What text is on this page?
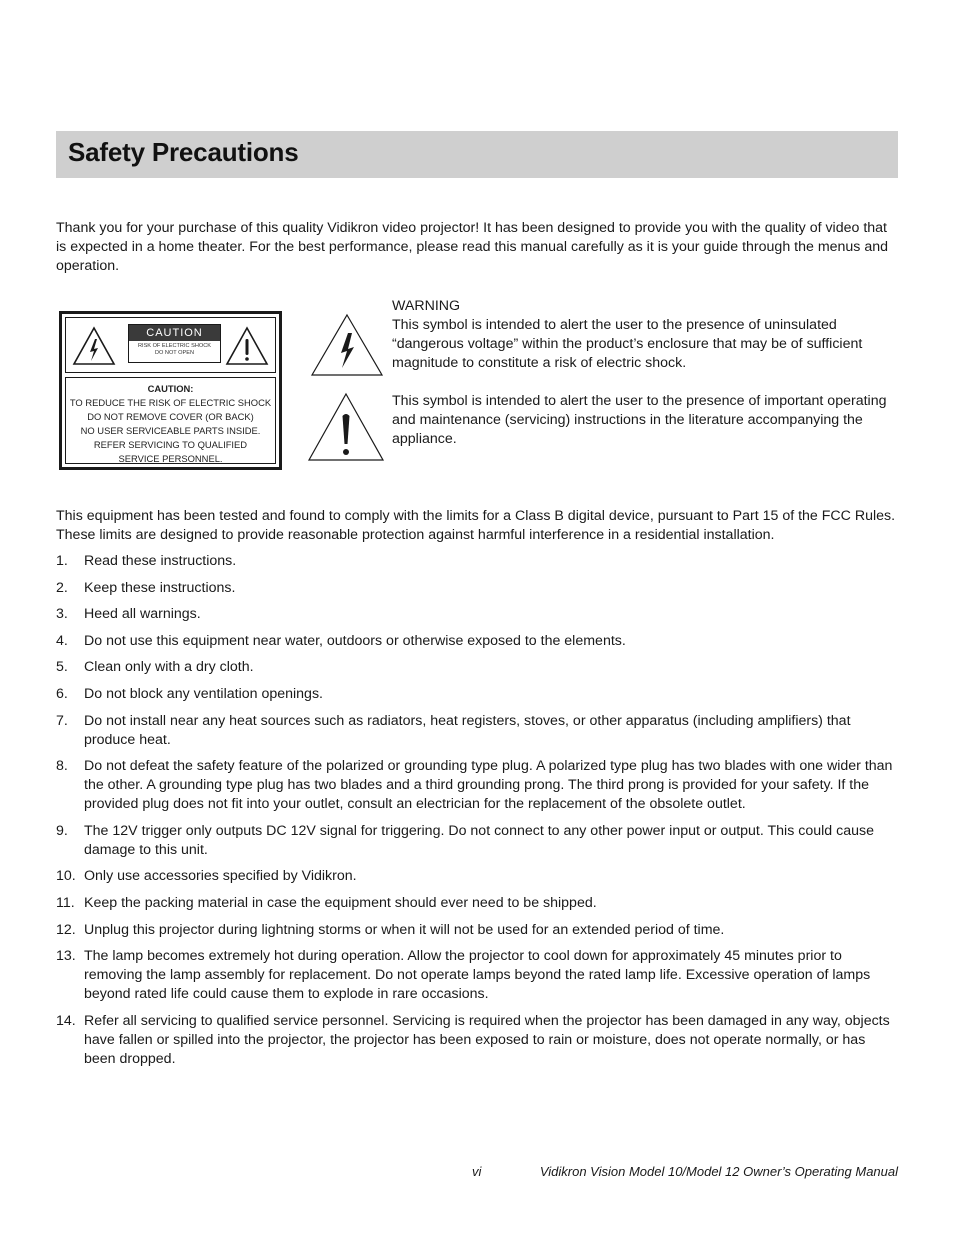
Safety Precautions

Thank you for your purchase of this quality Vidikron video projector! It has been designed to provide you with the quality of video that is expected in a home theater. For the best performance, please read this manual carefully as it is your guide through the menus and operation.

CAUTION
RISK OF ELECTRIC SHOCK
DO NOT OPEN
CAUTION:
TO REDUCE THE RISK OF ELECTRIC SHOCK
DO NOT REMOVE COVER (OR BACK)
NO USER SERVICEABLE PARTS INSIDE.
REFER SERVICING TO QUALIFIED
SERVICE PERSONNEL.

WARNING

This symbol is intended to alert the user to the presence of uninsulated “dangerous voltage” within the product’s enclosure that may be of sufficient magnitude to constitute a risk of electric shock.

This symbol is intended to alert the user to the presence of important operating and maintenance (servicing) instructions in the literature accompanying the appliance.

This equipment has been tested and found to comply with the limits for a Class B digital device, pursuant to Part 15 of the FCC Rules. These limits are designed to provide reasonable protection against harmful interference in a residential installation.

1. Read these instructions.
2. Keep these instructions.
3. Heed all warnings.
4. Do not use this equipment near water, outdoors or otherwise exposed to the elements.
5. Clean only with a dry cloth.
6. Do not block any ventilation openings.
7. Do not install near any heat sources such as radiators, heat registers, stoves, or other apparatus (including amplifiers) that produce heat.
8. Do not defeat the safety feature of the polarized or grounding type plug. A polarized type plug has two blades with one wider than the other. A grounding type plug has two blades and a third grounding prong. The third prong is provided for your safety. If the provided plug does not fit into your outlet, consult an electrician for the replacement of the obsolete outlet.
9. The 12V trigger only outputs DC 12V signal for triggering. Do not connect to any other power input or output. This could cause damage to this unit.
10. Only use accessories specified by Vidikron.
11. Keep the packing material in case the equipment should ever need to be shipped.
12. Unplug this projector during lightning storms or when it will not be used for an extended period of time.
13. The lamp becomes extremely hot during operation. Allow the projector to cool down for approximately 45 minutes prior to removing the lamp assembly for replacement. Do not operate lamps beyond the rated lamp life. Excessive operation of lamps beyond rated life could cause them to explode in rare occasions.
14. Refer all servicing to qualified service personnel. Servicing is required when the projector has been damaged in any way, objects have fallen or spilled into the projector, the projector has been exposed to rain or moisture, does not operate normally, or has been dropped.
vi	Vidikron Vision Model 10/Model 12 Owner’s Operating Manual
